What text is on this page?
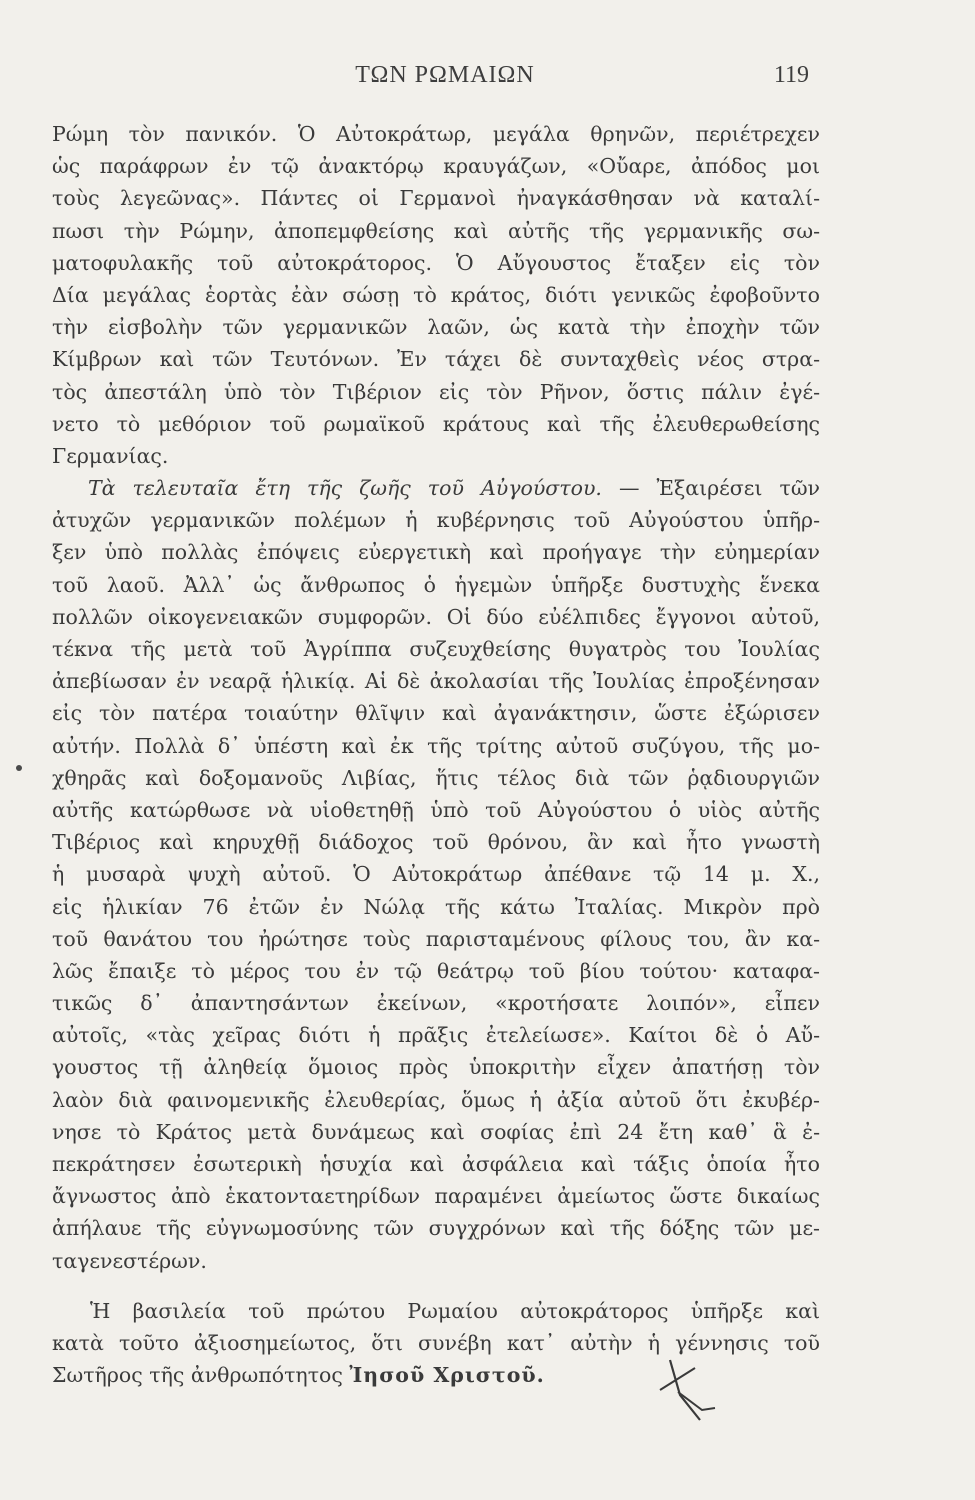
ΤΩΝ ΡΩΜΑΙΩΝ	119
Ρώμη τὸν πανικόν. Ὁ Αὐτοκράτωρ, μεγάλα θρηνῶν, περιέτρεχεν
ὡς παράφρων ἐν τῷ ἀνακτόρῳ κραυγάζων, «Οὔαρε, ἀπόδος μοι
τοὺς λεγεῶνας». Πάντες οἱ Γερμανοὶ ἠναγκάσθησαν νὰ καταλί-
πωσι τὴν Ρώμην, ἀποπεμφθείσης καὶ αὐτῆς τῆς γερμανικῆς σω-
ματοφυλακῆς τοῦ αὐτοκράτορος. Ὁ Αὔγουστος ἔταξεν εἰς τὸν
Δία μεγάλας ἑορτὰς ἐὰν σώσῃ τὸ κράτος, διότι γενικῶς ἐφοβοῦντο
τὴν εἰσβολὴν τῶν γερμανικῶν λαῶν, ὡς κατὰ τὴν ἐποχὴν τῶν
Κίμβρων καὶ τῶν Τευτόνων. Ἐν τάχει δὲ συνταχθεὶς νέος στρα-
τὸς ἀπεστάλη ὑπὸ τὸν Τιβέριον εἰς τὸν Ρῆνον, ὅστις πάλιν ἐγέ-
νετο τὸ μεθόριον τοῦ ρωμαϊκοῦ κράτους καὶ τῆς ἐλευθερωθείσης
Γερμανίας.
Τὰ τελευταῖα ἔτη τῆς ζωῆς τοῦ Αὐγούστου. — Ἐξαιρέσει τῶν
ἀτυχῶν γερμανικῶν πολέμων ἡ κυβέρνησις τοῦ Αὐγούστου ὑπῆρ-
ξεν ὑπὸ πολλὰς ἐπόψεις εὐεργετικὴ καὶ προήγαγε τὴν εὐημερίαν
τοῦ λαοῦ. Ἀλλ᾽ ὡς ἄνθρωπος ὁ ἡγεμὼν ὑπῆρξε δυστυχὴς ἕνεκα
πολλῶν οἰκογενειακῶν συμφορῶν. Οἱ δύο εὐέλπιδες ἔγγονοι αὐτοῦ,
τέκνα τῆς μετὰ τοῦ Ἀγρίππα συζευχθείσης θυγατρὸς του Ἰουλίας
ἀπεβίωσαν ἐν νεαρᾷ ἡλικίᾳ. Αἱ δὲ ἀκολασίαι τῆς Ἰουλίας ἐπροξένησαν
εἰς τὸν πατέρα τοιαύτην θλῖψιν καὶ ἀγανάκτησιν, ὥστε ἐξώρισεν
αὐτήν. Πολλὰ δ᾽ ὑπέστη καὶ ἐκ τῆς τρίτης αὐτοῦ συζύγου, τῆς μο-
χθηρᾶς καὶ δοξομανοῦς Λιβίας, ἥτις τέλος διὰ τῶν ῥᾳδιουργιῶν
αὐτῆς κατώρθωσε νὰ υἱοθετηθῇ ὑπὸ τοῦ Αὐγούστου ὁ υἱὸς αὐτῆς
Τιβέριος καὶ κηρυχθῇ διάδοχος τοῦ θρόνου, ἂν καὶ ἦτο γνωστὴ
ἡ μυσαρὰ ψυχὴ αὐτοῦ. Ὁ Αὐτοκράτωρ ἀπέθανε τῷ 14 μ. Χ.,
εἰς ἡλικίαν 76 ἐτῶν ἐν Νώλᾳ τῆς κάτω Ἰταλίας. Μικρὸν πρὸ
τοῦ θανάτου του ἠρώτησε τοὺς παρισταμένους φίλους του, ἂν κα-
λῶς ἔπαιξε τὸ μέρος του ἐν τῷ θεάτρῳ τοῦ βίου τούτου· καταφα-
τικῶς δ᾽ ἀπαντησάντων ἐκείνων, «κροτήσατε λοιπόν», εἶπεν
αὐτοῖς, «τὰς χεῖρας διότι ἡ πρᾶξις ἐτελείωσε». Καίτοι δὲ ὁ Αὔ-
γουστος τῇ ἀληθείᾳ ὅμοιος πρὸς ὑποκριτὴν εἶχεν ἀπατήσῃ τὸν
λαὸν διὰ φαινομενικῆς ἐλευθερίας, ὅμως ἡ ἀξία αὐτοῦ ὅτι ἐκυβέρ-
νησε τὸ Κράτος μετὰ δυνάμεως καὶ σοφίας ἐπὶ 24 ἔτη καθ᾽ ἃ ἐ-
πεκράτησεν ἐσωτερικὴ ἡσυχία καὶ ἀσφάλεια καὶ τάξις ὁποία ἦτο
ἄγνωστος ἀπὸ ἑκατονταετηρίδων παραμένει ἀμείωτος ὥστε δικαίως
ἀπήλαυε τῆς εὐγνωμοσύνης τῶν συγχρόνων καὶ τῆς δόξης τῶν με-
ταγενεστέρων.
Ἡ βασιλεία τοῦ πρώτου Ρωμαίου αὐτοκράτορος ὑπῆρξε καὶ
κατὰ τοῦτο ἀξιοσημείωτος, ὅτι συνέβη κατ᾽ αὐτὴν ἡ γέννησις τοῦ
Σωτῆρος τῆς ἀνθρωπότητος Ἰησοῦ Χριστοῦ.
